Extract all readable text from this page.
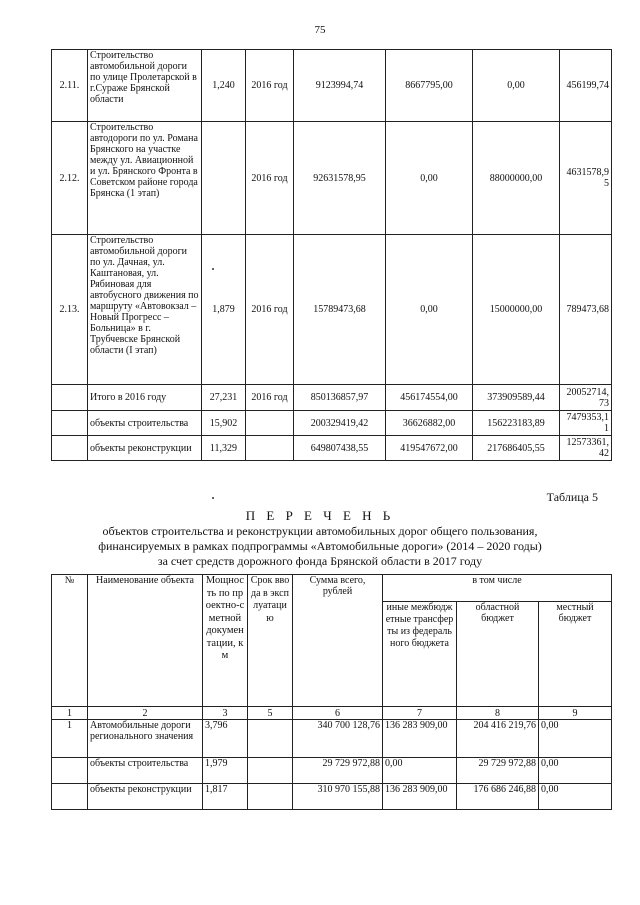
75
2.11.	Строительство автомобильной дороги по улице Пролетарской в г.Сураже Брянской области	1,240	2016 год	9123994,74	8667795,00	0,00	456199,74
2.12.	Строительство автодороги по ул. Романа Брянского на участке между ул. Авиационной и ул. Брянского Фронта в Советском районе города Брянска (1 этап)		2016 год	92631578,95	0,00	88000000,00	4631578,95
2.13.	Строительство автомобильной дороги по ул. Дачная, ул. Каштановая, ул. Рябиновая для автобусного движения по маршруту «Автовокзал – Новый Прогресс – Больница» в г. Трубчевске Брянской области (I этап)	1,879	2016 год	15789473,68	0,00	15000000,00	789473,68
	Итого в 2016 году	27,231	2016 год	850136857,97	456174554,00	373909589,44	20052714,73
	объекты строительства	15,902		200329419,42	36626882,00	156223183,89	7479353,11
	объекты реконструкции	11,329		649807438,55	419547672,00	217686405,55	12573361,42
Таблица 5
П Е Р Е Ч Е Н Ь
объектов строительства и реконструкции автомобильных дорог общего пользования,
финансируемых в рамках подпрограммы «Автомобильные дороги» (2014 – 2020 годы)
за счет средств дорожного фонда Брянской области в 2017 году
№	Наименование объекта	Мощность по проектно-сметной документации, км	Срок ввода в эксплуатацию	Сумма всего, рублей	в том числе		
					иные межбюджетные трансферты из федерального бюджета	областной бюджет	местный бюджет
1	2	3	5	6	7	8	9
1	Автомобильные дороги регионального значения	3,796		340 700 128,76	136 283 909,00	204 416 219,76	0,00
	объекты строительства	1,979		29 729 972,88	0,00	29 729 972,88	0,00
	объекты реконструкции	1,817		310 970 155,88	136 283 909,00	176 686 246,88	0,00
